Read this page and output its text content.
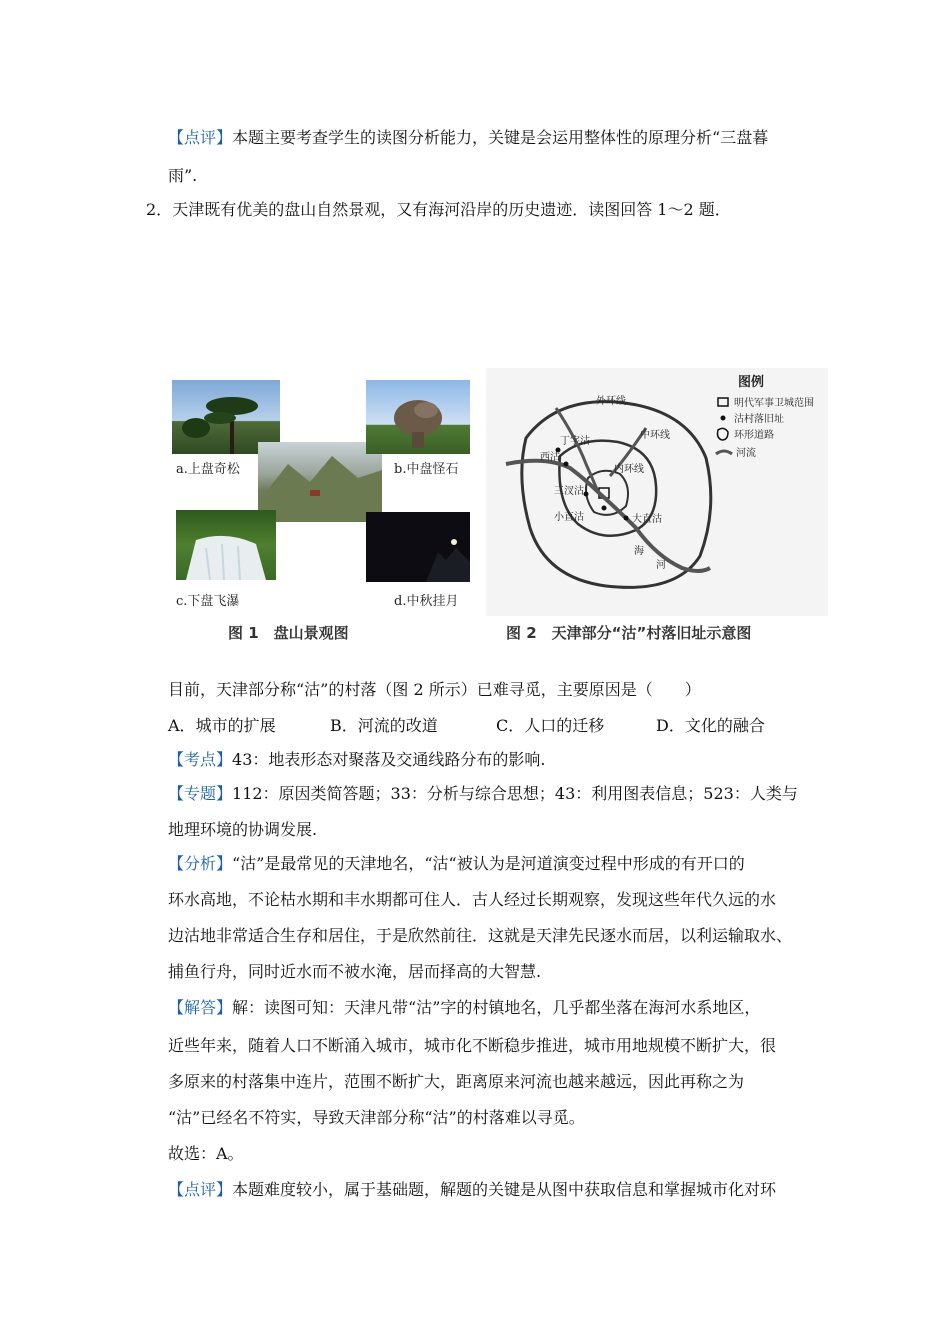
【点评】本题主要考查学生的读图分析能力，关键是会运用整体性的原理分析“三盘暮
雨”.
2．天津既有优美的盘山自然景观，又有海河沿岸的历史遗迹．读图回答 1～2 题．
a.上盘奇松	b.中盘怪石
c.下盘飞瀑	d.中秋挂月
图 1　盘山景观图
外环线
中环线
内环线
丁字沽
西沽
三汊沽
小直沽	大直沽
海
河
图例
明代军事卫城范围
沽村落旧址
环形道路
河流
图 2　天津部分“沽”村落旧址示意图
目前，天津部分称“沽”的村落（图 2 所示）已难寻觅，主要原因是（　　）
A．城市的扩展	B．河流的改道	C．人口的迁移	D．文化的融合
【考点】43：地表形态对聚落及交通线路分布的影响.
【专题】112：原因类简答题；33：分析与综合思想；43：利用图表信息；523：人类与
地理环境的协调发展.
【分析】“沽”是最常见的天津地名，“沽“被认为是河道演变过程中形成的有开口的
环水高地，不论枯水期和丰水期都可住人．古人经过长期观察，发现这些年代久远的水
边沽地非常适合生存和居住，于是欣然前往．这就是天津先民逐水而居，以利运输取水、
捕鱼行舟，同时近水而不被水淹，居而择高的大智慧.
【解答】解：读图可知：天津凡带“沽”字的村镇地名，几乎都坐落在海河水系地区，
近些年来，随着人口不断涌入城市，城市化不断稳步推进，城市用地规模不断扩大，很
多原来的村落集中连片，范围不断扩大，距离原来河流也越来越远，因此再称之为
“沽”已经名不符实，导致天津部分称“沽”的村落难以寻觅。
故选：A。
【点评】本题难度较小，属于基础题，解题的关键是从图中获取信息和掌握城市化对环
